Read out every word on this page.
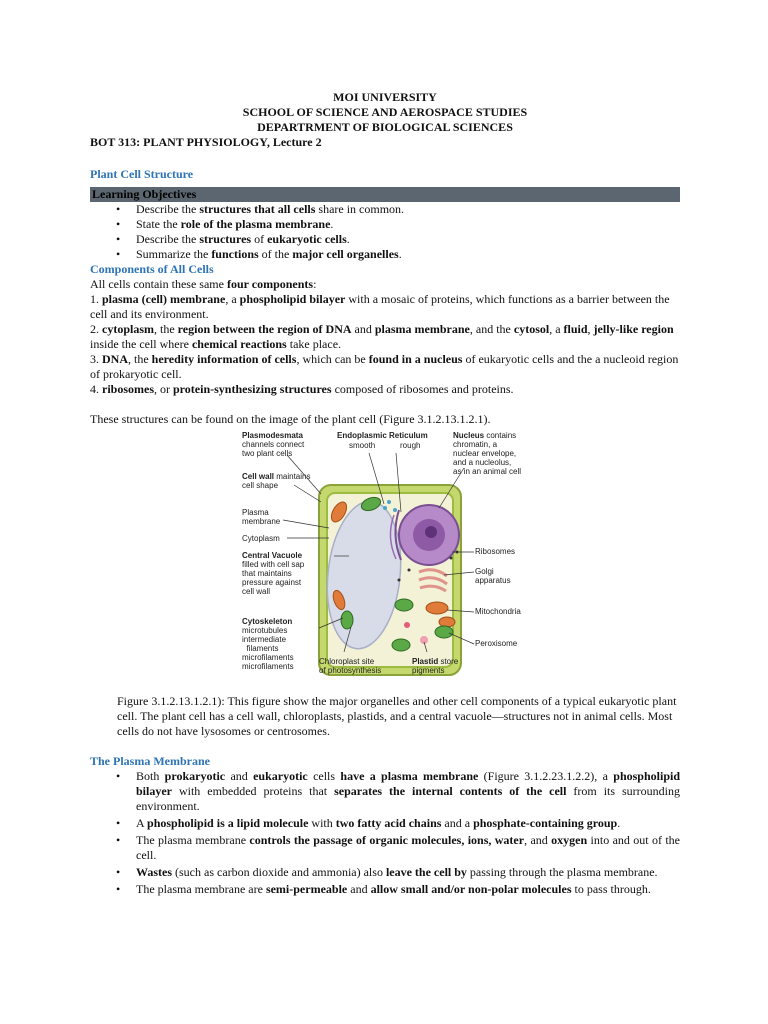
MOI UNIVERSITY
SCHOOL OF SCIENCE AND AEROSPACE STUDIES
DEPARTRMENT OF BIOLOGICAL SCIENCES
BOT 313: PLANT PHYSIOLOGY, Lecture 2
Plant Cell Structure
Learning Objectives
• Describe the structures that all cells share in common.
• State the role of the plasma membrane.
• Describe the structures of eukaryotic cells.
• Summarize the functions of the major cell organelles.
Components of All Cells

All cells contain these same four components:

1. plasma (cell) membrane, a phospholipid bilayer with a mosaic of proteins, which functions as a barrier between the cell and its environment.

2. cytoplasm, the region between the region of DNA and plasma membrane, and the cytosol, a fluid, jelly-like region inside the cell where chemical reactions take place.

3. DNA, the heredity information of cells, which can be found in a nucleus of eukaryotic cells and the a nucleoid region of prokaryotic cell.

4. ribosomes, or protein-synthesizing structures composed of ribosomes and proteins.

These structures can be found on the image of the plant cell (Figure 3.1.2.13.1.2.1).

Figure 3.1.2.13.1.2.1): This figure show the major organelles and other cell components of a typical eukaryotic plant cell. The plant cell has a cell wall, chloroplasts, plastids, and a central vacuole—structures not in animal cells. Most cells do not have lysosomes or centrosomes.

The Plasma Membrane
• Both prokaryotic and eukaryotic cells have a plasma membrane (Figure 3.1.2.23.1.2.2), a phospholipid bilayer with embedded proteins that separates the internal contents of the cell from its surrounding environment.
• A phospholipid is a lipid molecule with two fatty acid chains and a phosphate-containing group.
• The plasma membrane controls the passage of organic molecules, ions, water, and oxygen into and out of the cell.
• Wastes (such as carbon dioxide and ammonia) also leave the cell by passing through the plasma membrane.
• The plasma membrane are semi-permeable and allow small and/or non-polar molecules to pass through.
Plasmodesmata
channels connect
two plant cells
Endoplasmic Reticulum
smooth	rough
Nucleus contains
chromatin, a
nuclear envelope,
and a nucleolus,
as in an animal cell
Cell wall maintains
cell shape
Plasma
membrane
Cytoplasm
Central Vacuole
filled with cell sap
that maintains
pressure against
cell wall
Ribosomes
Golgi
apparatus
Mitochondria
Cytoskeleton
microtubules
intermediate
filaments
microfilaments
microfilaments
Peroxisome
Chloroplast site
of photosynthesis
Plastid store
pigments
